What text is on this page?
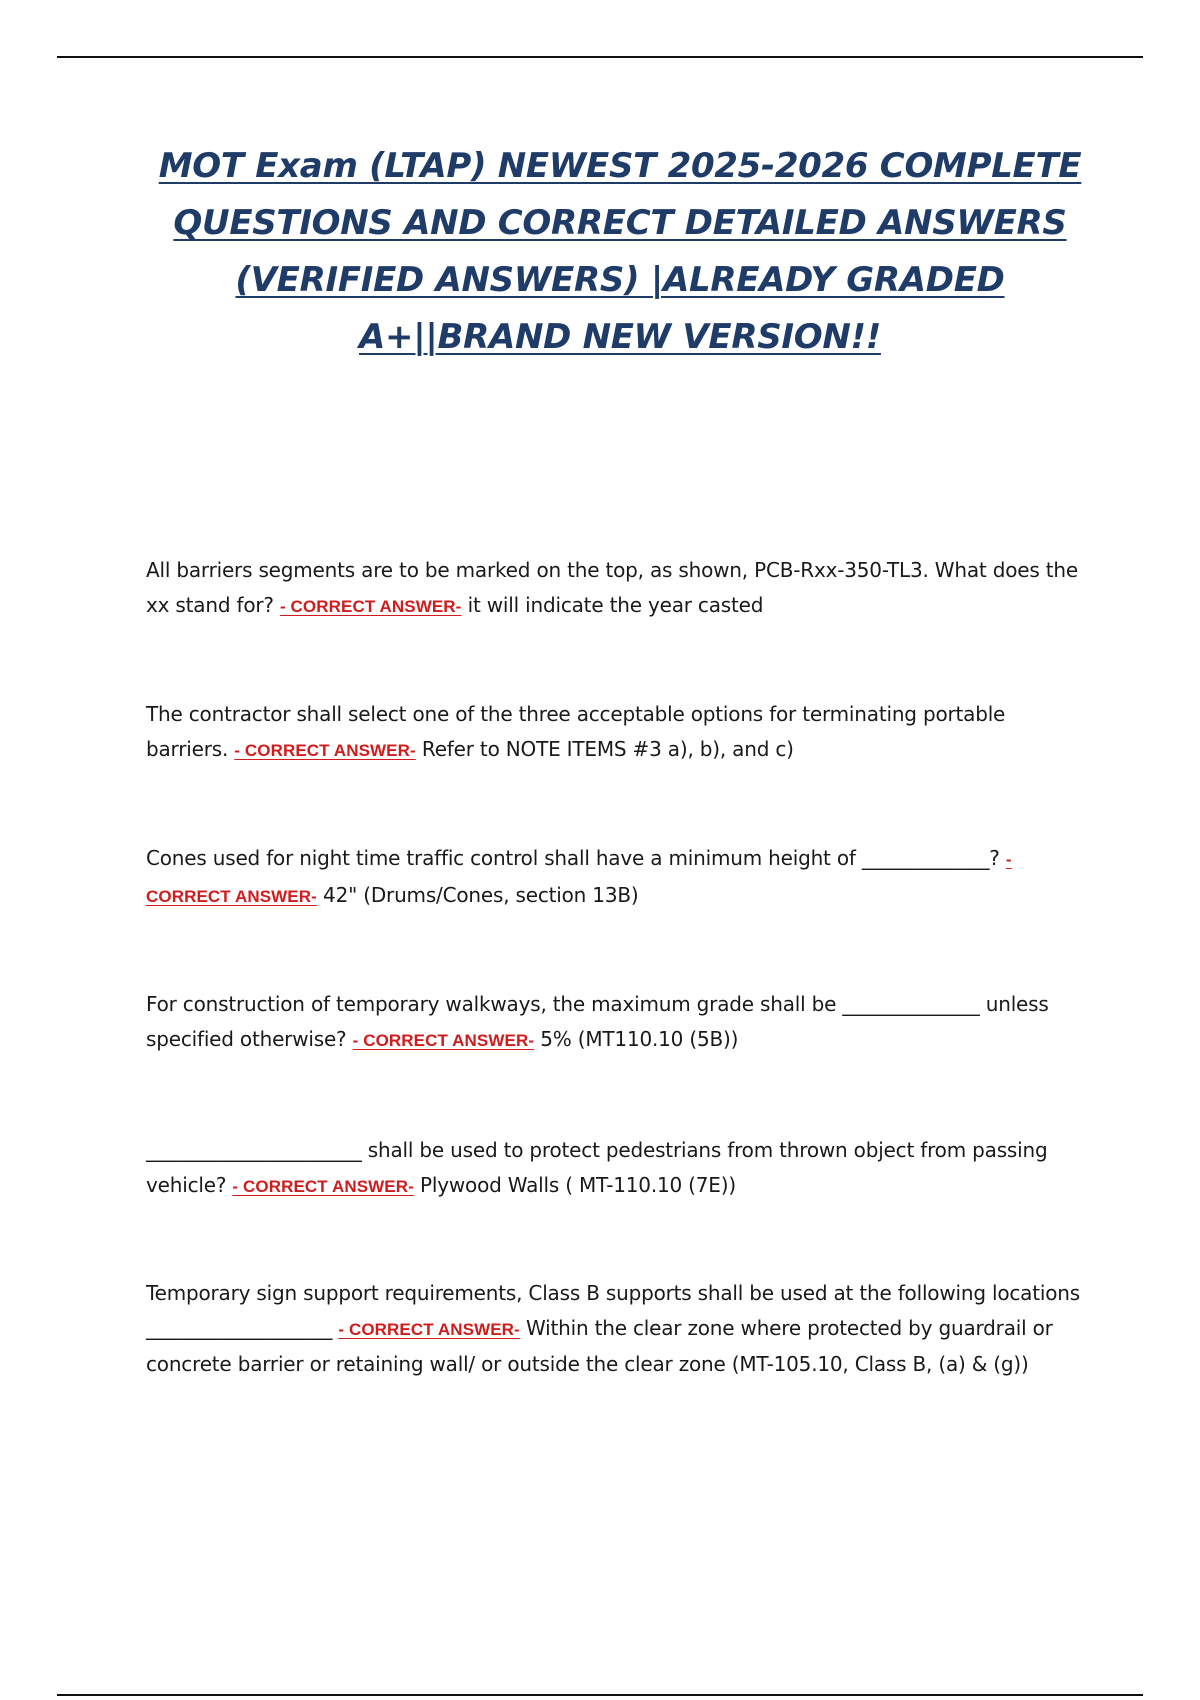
MOT Exam (LTAP) NEWEST 2025-2026 COMPLETE QUESTIONS AND CORRECT DETAILED ANSWERS (VERIFIED ANSWERS) |ALREADY GRADED A+||BRAND NEW VERSION!!

All barriers segments are to be marked on the top, as shown, PCB-Rxx-350-TL3. What does the xx stand for? - CORRECT ANSWER- it will indicate the year casted

The contractor shall select one of the three acceptable options for terminating portable barriers. - CORRECT ANSWER- Refer to NOTE ITEMS #3 a), b), and c)

Cones used for night time traffic control shall have a minimum height of _____________? - CORRECT ANSWER- 42" (Drums/Cones, section 13B)

For construction of temporary walkways, the maximum grade shall be ______________ unless specified otherwise? - CORRECT ANSWER- 5% (MT110.10 (5B))

______________________ shall be used to protect pedestrians from thrown object from passing vehicle? - CORRECT ANSWER- Plywood Walls ( MT-110.10 (7E))

Temporary sign support requirements, Class B supports shall be used at the following locations ___________________ - CORRECT ANSWER- Within the clear zone where protected by guardrail or concrete barrier or retaining wall/ or outside the clear zone (MT-105.10, Class B, (a) & (g))
